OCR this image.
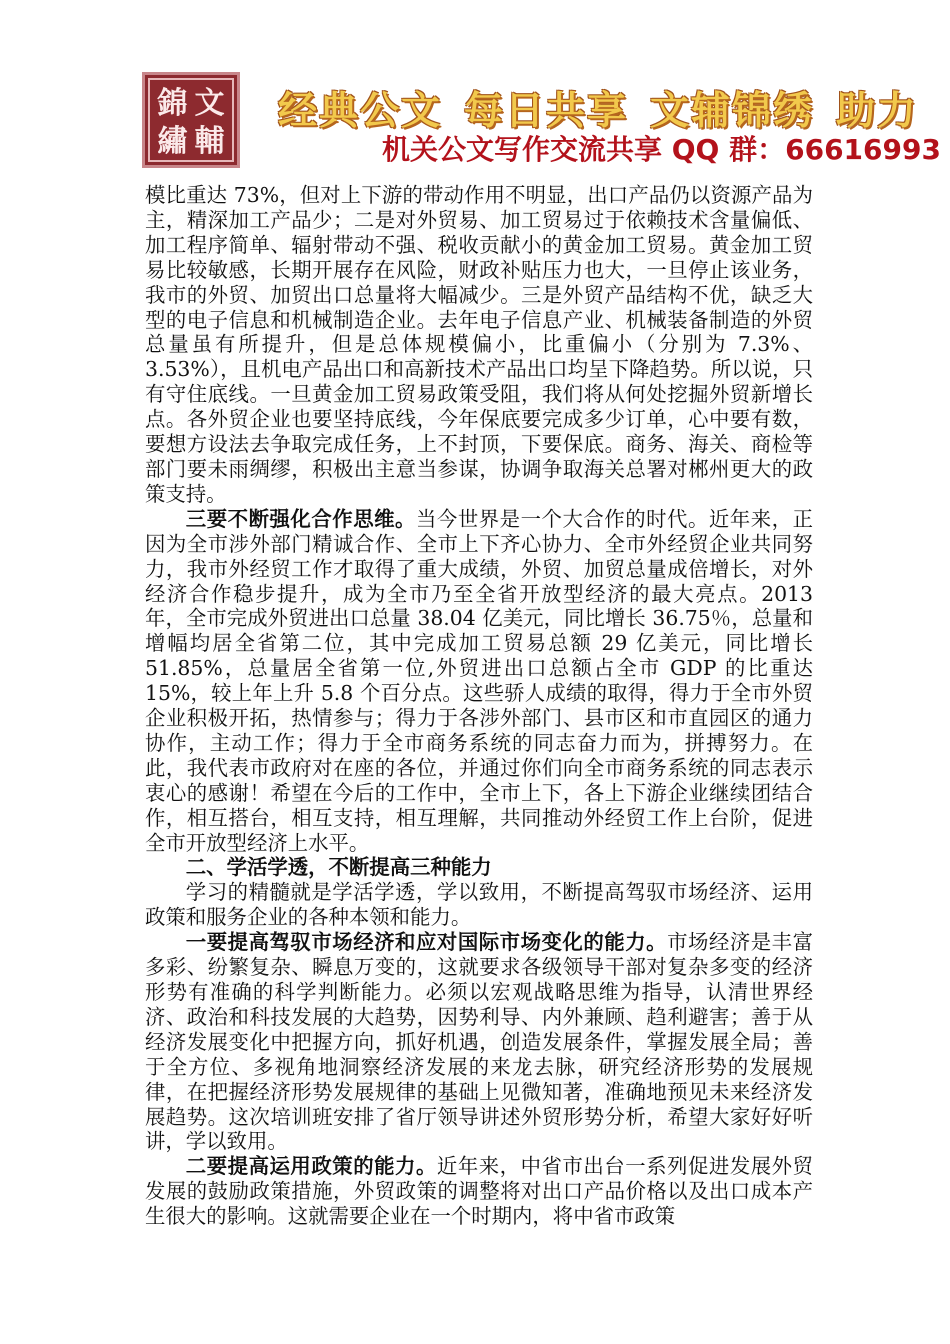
錦 文
繡 輔
经典公文 每日共享 文辅锦绣 助力
机关公文写作交流共享 QQ 群：66616993

模比重达 73%，但对上下游的带动作用不明显，出口产品仍以资源产品为主，精深加工产品少；二是对外贸易、加工贸易过于依赖技术含量偏低、加工程序简单、辐射带动不强、税收贡献小的黄金加工贸易。黄金加工贸易比较敏感，长期开展存在风险，财政补贴压力也大，一旦停止该业务，我市的外贸、加贸出口总量将大幅减少。三是外贸产品结构不优，缺乏大型的电子信息和机械制造企业。去年电子信息产业、机械装备制造的外贸总量虽有所提升，但是总体规模偏小，比重偏小（分别为 7.3%、3.53%），且机电产品出口和高新技术产品出口均呈下降趋势。所以说，只有守住底线。一旦黄金加工贸易政策受阻，我们将从何处挖掘外贸新增长点。各外贸企业也要坚持底线，今年保底要完成多少订单，心中要有数，要想方设法去争取完成任务，上不封顶，下要保底。商务、海关、商检等部门要未雨绸缪，积极出主意当参谋，协调争取海关总署对郴州更大的政策支持。

三要不断强化合作思维。当今世界是一个大合作的时代。近年来，正因为全市涉外部门精诚合作、全市上下齐心协力、全市外经贸企业共同努力，我市外经贸工作才取得了重大成绩，外贸、加贸总量成倍增长，对外经济合作稳步提升，成为全市乃至全省开放型经济的最大亮点。2013 年，全市完成外贸进出口总量 38.04 亿美元，同比增长 36.75％，总量和增幅均居全省第二位，其中完成加工贸易总额 29 亿美元，同比增长 51.85%，总量居全省第一位,外贸进出口总额占全市 GDP 的比重达 15%，较上年上升 5.8 个百分点。这些骄人成绩的取得，得力于全市外贸企业积极开拓，热情参与；得力于各涉外部门、县市区和市直园区的通力协作，主动工作；得力于全市商务系统的同志奋力而为，拼搏努力。在此，我代表市政府对在座的各位，并通过你们向全市商务系统的同志表示衷心的感谢！希望在今后的工作中，全市上下，各上下游企业继续团结合作，相互搭台，相互支持，相互理解，共同推动外经贸工作上台阶，促进全市开放型经济上水平。

二、学活学透，不断提高三种能力

学习的精髓就是学活学透，学以致用，不断提高驾驭市场经济、运用政策和服务企业的各种本领和能力。

一要提高驾驭市场经济和应对国际市场变化的能力。市场经济是丰富多彩、纷繁复杂、瞬息万变的，这就要求各级领导干部对复杂多变的经济形势有准确的科学判断能力。必须以宏观战略思维为指导，认清世界经济、政治和科技发展的大趋势，因势利导、内外兼顾、趋利避害；善于从经济发展变化中把握方向，抓好机遇，创造发展条件，掌握发展全局；善于全方位、多视角地洞察经济发展的来龙去脉，研究经济形势的发展规律，在把握经济形势发展规律的基础上见微知著，准确地预见未来经济发展趋势。这次培训班安排了省厅领导讲述外贸形势分析，希望大家好好听讲，学以致用。

二要提高运用政策的能力。近年来，中省市出台一系列促进发展外贸发展的鼓励政策措施，外贸政策的调整将对出口产品价格以及出口成本产生很大的影响。这就需要企业在一个时期内，将中省市政策
